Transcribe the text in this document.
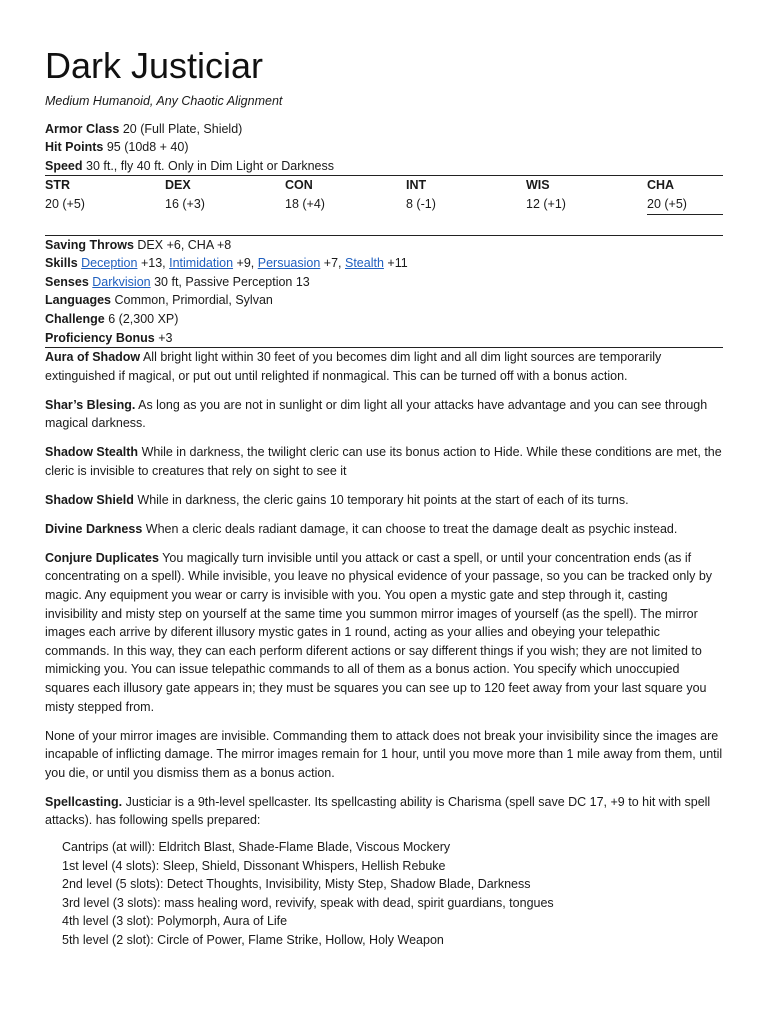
Dark Justiciar

Medium Humanoid, Any Chaotic Alignment

Armor Class 20 (Full Plate, Shield)

Hit Points 95 (10d8 + 40)

Speed 30 ft., fly 40 ft. Only in Dim Light or Darkness

STR	DEX	CON	INT	WIS	CHA
20 (+5)	16 (+3)	18 (+4)	8 (-1)	12 (+1)	20 (+5)

Saving Throws DEX +6, CHA +8

Skills Deception +13, Intimidation +9, Persuasion +7, Stealth +11

Senses Darkvision 30 ft, Passive Perception 13

Languages Common, Primordial, Sylvan

Challenge 6 (2,300 XP)

Proficiency Bonus +3

Aura of Shadow All bright light within 30 feet of you becomes dim light and all dim light sources are temporarily extinguished if magical, or put out until relighted if nonmagical. This can be turned off with a bonus action.

Shar’s Blesing. As long as you are not in sunlight or dim light all your attacks have advantage and you can see through magical darkness.

Shadow Stealth While in darkness, the twilight cleric can use its bonus action to Hide. While these conditions are met, the cleric is invisible to creatures that rely on sight to see it

Shadow Shield While in darkness, the cleric gains 10 temporary hit points at the start of each of its turns.

Divine Darkness When a cleric deals radiant damage, it can choose to treat the damage dealt as psychic instead.

Conjure Duplicates You magically turn invisible until you attack or cast a spell, or until your concentration ends (as if concentrating on a spell). While invisible, you leave no physical evidence of your passage, so you can be tracked only by magic. Any equipment you wear or carry is invisible with you. You open a mystic gate and step through it, casting invisibility and misty step on yourself at the same time you summon mirror images of yourself (as the spell). The mirror images each arrive by diferent illusory mystic gates in 1 round, acting as your allies and obeying your telepathic commands. In this way, they can each perform diferent actions or say different things if you wish; they are not limited to mimicking you. You can issue telepathic commands to all of them as a bonus action. You specify which unoccupied squares each illusory gate appears in; they must be squares you can see up to 120 feet away from your last square you misty stepped from.

None of your mirror images are invisible. Commanding them to attack does not break your invisibility since the images are incapable of inflicting damage. The mirror images remain for 1 hour, until you move more than 1 mile away from them, until you die, or until you dismiss them as a bonus action.

Spellcasting. Justiciar is a 9th-level spellcaster. Its spellcasting ability is Charisma (spell save DC 17, +9 to hit with spell attacks). has following spells prepared:

Cantrips (at will): Eldritch Blast, Shade-Flame Blade, Viscous Mockery
1st level (4 slots): Sleep, Shield, Dissonant Whispers, Hellish Rebuke
2nd level (5 slots): Detect Thoughts, Invisibility, Misty Step, Shadow Blade, Darkness
3rd level (3 slots): mass healing word, revivify, speak with dead, spirit guardians, tongues
4th level (3 slot): Polymorph, Aura of Life
5th level (2 slot): Circle of Power, Flame Strike, Hollow, Holy Weapon
